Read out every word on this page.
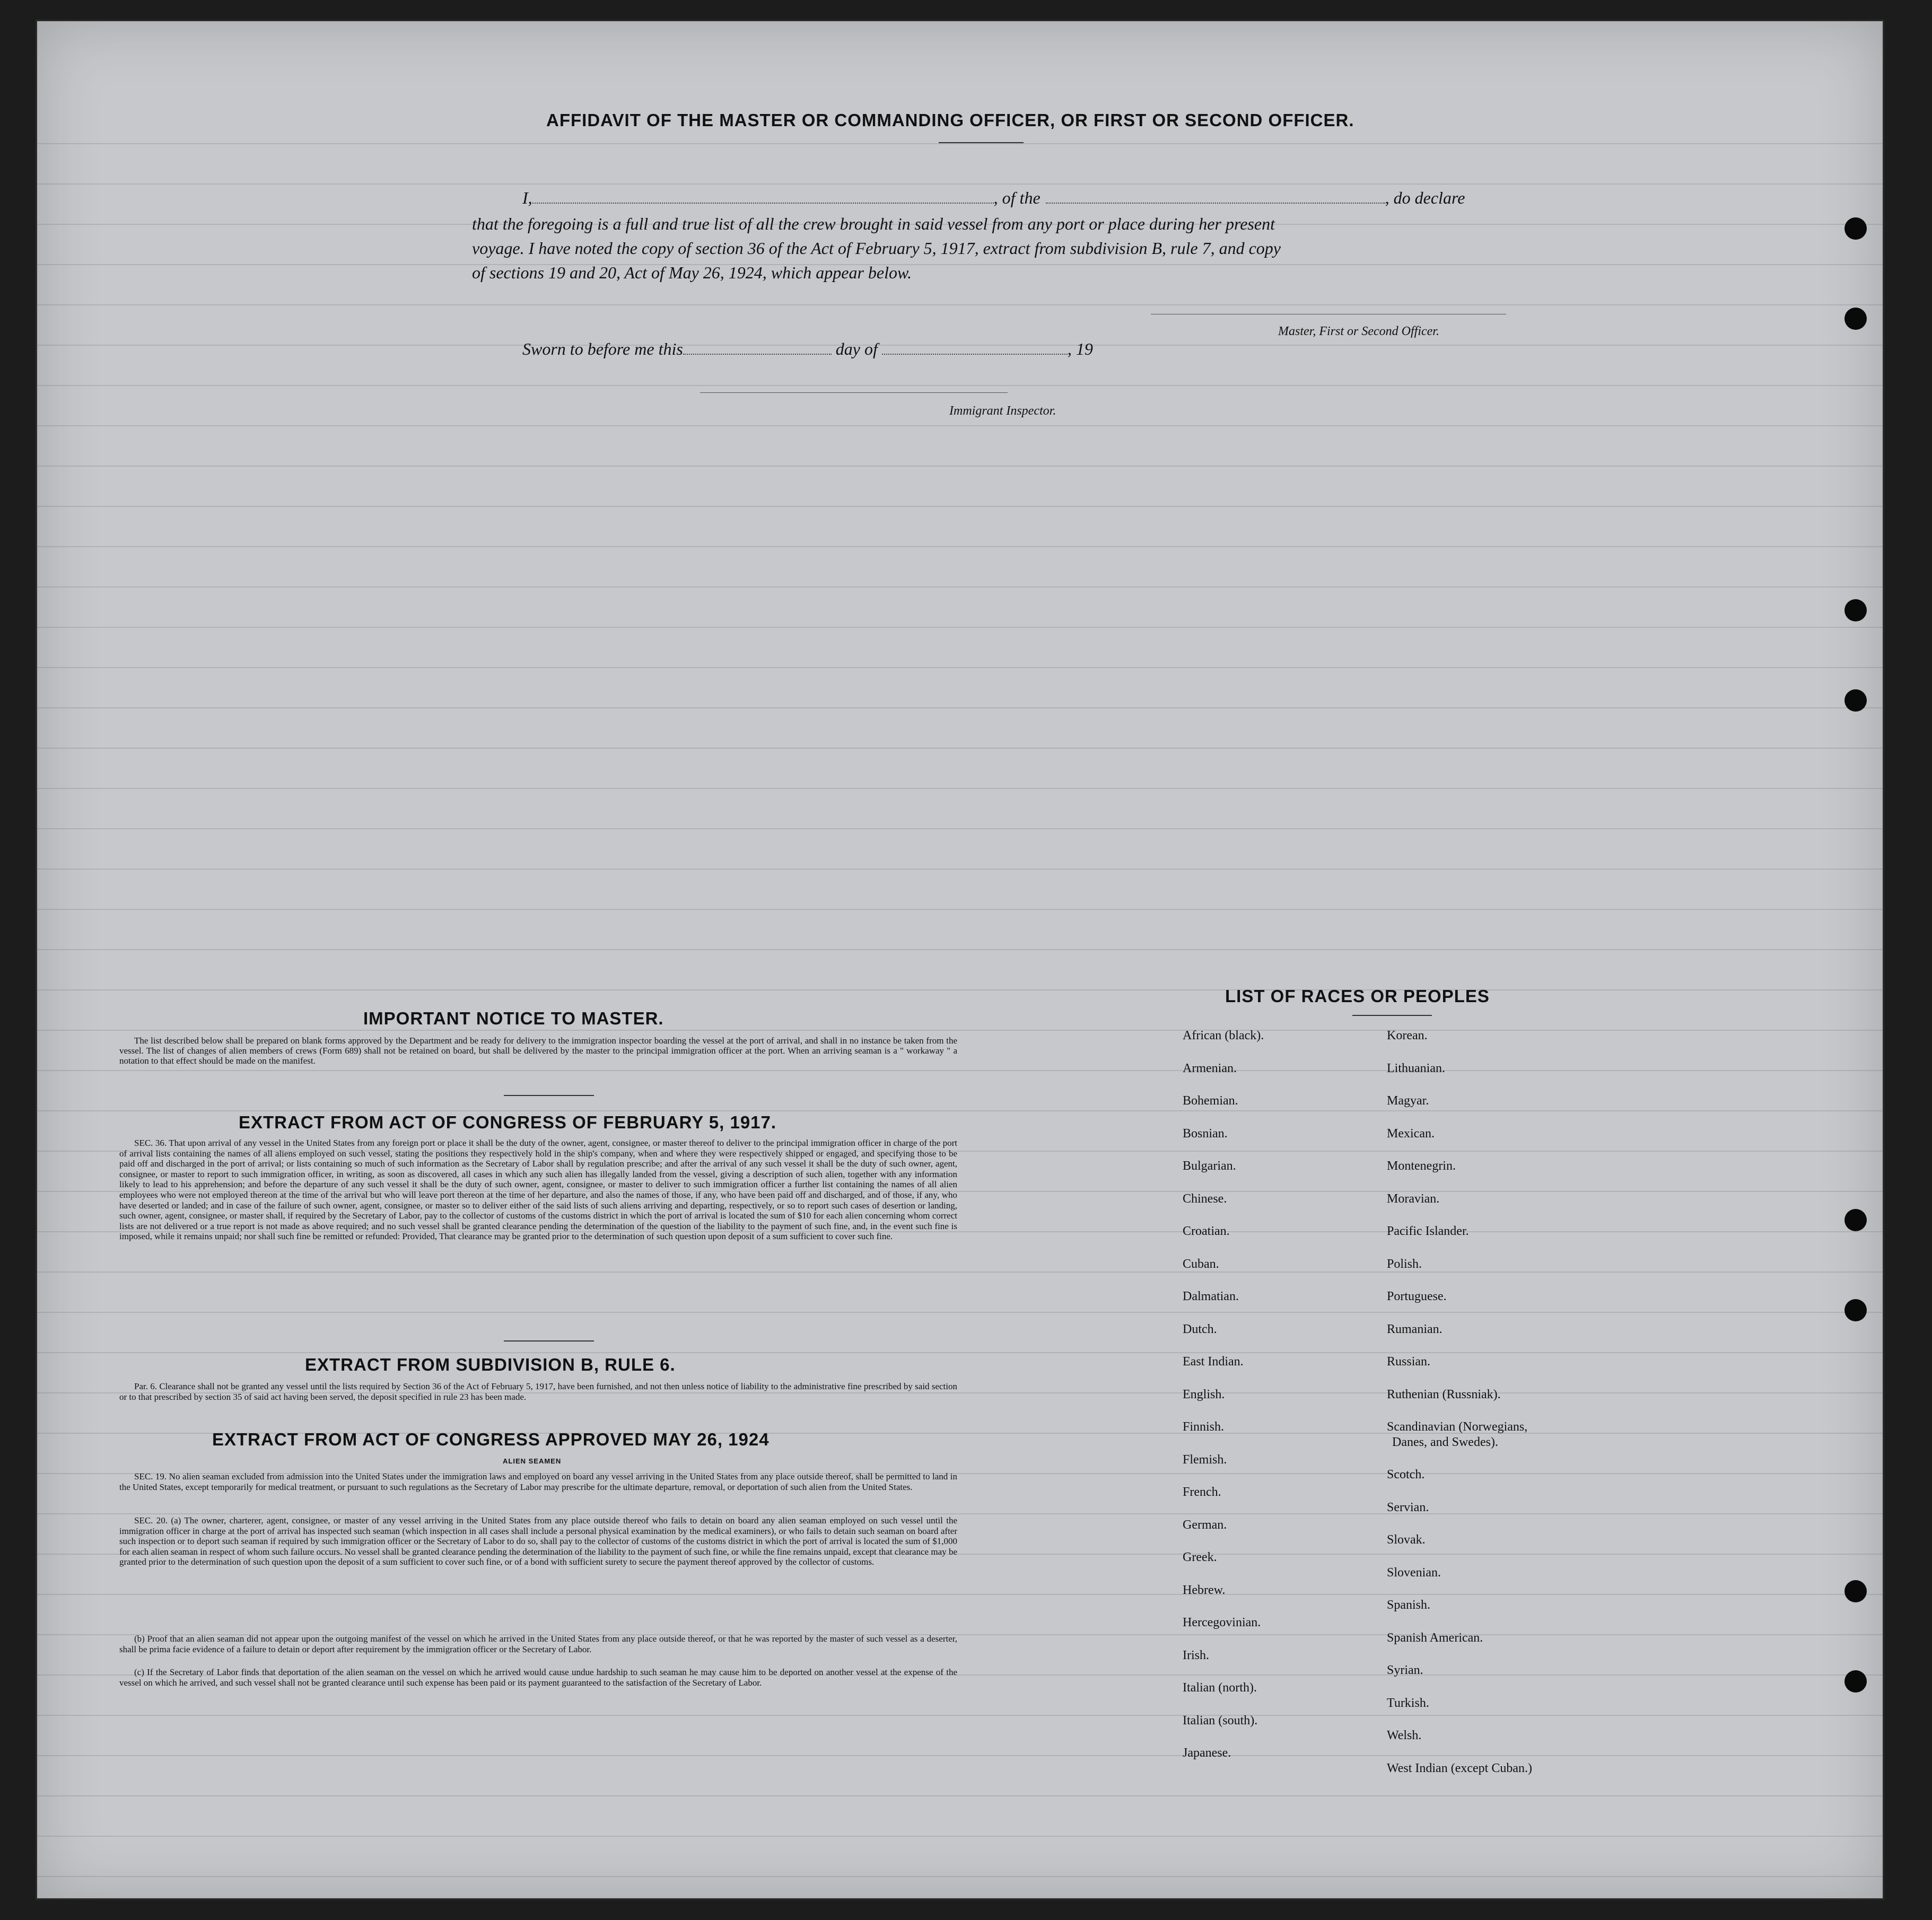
AFFIDAVIT OF THE MASTER OR COMMANDING OFFICER, OR FIRST OR SECOND OFFICER.
I,	, of the	, do declare
that the foregoing is a full and true list of all the crew brought in said vessel from any port or place during her present
voyage. I have noted the copy of section 36 of the Act of February 5, 1917, extract from subdivision B, rule 7, and copy
of sections 19 and 20, Act of May 26, 1924, which appear below.
Master, First or Second Officer.
Sworn to before me this	day of	, 19
Immigrant Inspector.
IMPORTANT NOTICE TO MASTER.
The list described below shall be prepared on blank forms approved by the Department and be ready for delivery to the immigration inspector boarding the vessel at the port of arrival, and shall in no instance be taken from the vessel. The list of changes of alien members of crews (Form 689) shall not be retained on board, but shall be delivered by the master to the principal immigration officer at the port. When an arriving seaman is a " workaway " a notation to that effect should be made on the manifest.
EXTRACT FROM ACT OF CONGRESS OF FEBRUARY 5, 1917.
SEC. 36. That upon arrival of any vessel in the United States from any foreign port or place it shall be the duty of the owner, agent, consignee, or master thereof to deliver to the principal immigration officer in charge of the port of arrival lists containing the names of all aliens employed on such vessel, stating the positions they respectively hold in the ship's company, when and where they were respectively shipped or engaged, and specifying those to be paid off and discharged in the port of arrival; or lists containing so much of such information as the Secretary of Labor shall by regulation prescribe; and after the arrival of any such vessel it shall be the duty of such owner, agent, consignee, or master to report to such immigration officer, in writing, as soon as discovered, all cases in which any such alien has illegally landed from the vessel, giving a description of such alien, together with any information likely to lead to his apprehension; and before the departure of any such vessel it shall be the duty of such owner, agent, consignee, or master to deliver to such immigration officer a further list containing the names of all alien employees who were not employed thereon at the time of the arrival but who will leave port thereon at the time of her departure, and also the names of those, if any, who have been paid off and discharged, and of those, if any, who have deserted or landed; and in case of the failure of such owner, agent, consignee, or master so to deliver either of the said lists of such aliens arriving and departing, respectively, or so to report such cases of desertion or landing, such owner, agent, consignee, or master shall, if required by the Secretary of Labor, pay to the collector of customs of the customs district in which the port of arrival is located the sum of $10 for each alien concerning whom correct lists are not delivered or a true report is not made as above required; and no such vessel shall be granted clearance pending the determination of the question of the liability to the payment of such fine, and, in the event such fine is imposed, while it remains unpaid; nor shall such fine be remitted or refunded: Provided, That clearance may be granted prior to the determination of such question upon deposit of a sum sufficient to cover such fine.
EXTRACT FROM SUBDIVISION B, RULE 6.
Par. 6. Clearance shall not be granted any vessel until the lists required by Section 36 of the Act of February 5, 1917, have been furnished, and not then unless notice of liability to the administrative fine prescribed by said section or to that prescribed by section 35 of said act having been served, the deposit specified in rule 23 has been made.
EXTRACT FROM ACT OF CONGRESS APPROVED MAY 26, 1924
ALIEN SEAMEN
SEC. 19. No alien seaman excluded from admission into the United States under the immigration laws and employed on board any vessel arriving in the United States from any place outside thereof, shall be permitted to land in the United States, except temporarily for medical treatment, or pursuant to such regulations as the Secretary of Labor may prescribe for the ultimate departure, removal, or deportation of such alien from the United States.
SEC. 20. (a) The owner, charterer, agent, consignee, or master of any vessel arriving in the United States from any place outside thereof who fails to detain on board any alien seaman employed on such vessel until the immigration officer in charge at the port of arrival has inspected such seaman (which inspection in all cases shall include a personal physical examination by the medical examiners), or who fails to detain such seaman on board after such inspection or to deport such seaman if required by such immigration officer or the Secretary of Labor to do so, shall pay to the collector of customs of the customs district in which the port of arrival is located the sum of $1,000 for each alien seaman in respect of whom such failure occurs. No vessel shall be granted clearance pending the determination of the liability to the payment of such fine, or while the fine remains unpaid, except that clearance may be granted prior to the determination of such question upon the deposit of a sum sufficient to cover such fine, or of a bond with sufficient surety to secure the payment thereof approved by the collector of customs.
(b) Proof that an alien seaman did not appear upon the outgoing manifest of the vessel on which he arrived in the United States from any place outside thereof, or that he was reported by the master of such vessel as a deserter, shall be prima facie evidence of a failure to detain or deport after requirement by the immigration officer or the Secretary of Labor.
(c) If the Secretary of Labor finds that deportation of the alien seaman on the vessel on which he arrived would cause undue hardship to such seaman he may cause him to be deported on another vessel at the expense of the vessel on which he arrived, and such vessel shall not be granted clearance until such expense has been paid or its payment guaranteed to the satisfaction of the Secretary of Labor.
LIST OF RACES OR PEOPLES
African (black).
Armenian.
Bohemian.
Bosnian.
Bulgarian.
Chinese.
Croatian.
Cuban.
Dalmatian.
Dutch.
East Indian.
English.
Finnish.
Flemish.
French.
German.
Greek.
Hebrew.
Hercegovinian.
Irish.
Italian (north).
Italian (south).
Japanese.
Korean.
Lithuanian.
Magyar.
Mexican.
Montenegrin.
Moravian.
Pacific Islander.
Polish.
Portuguese.
Rumanian.
Russian.
Ruthenian (Russniak).
Scandinavian (Norwegians,
Danes, and Swedes).
Scotch.
Servian.
Slovak.
Slovenian.
Spanish.
Spanish American.
Syrian.
Turkish.
Welsh.
West Indian (except Cuban.)
